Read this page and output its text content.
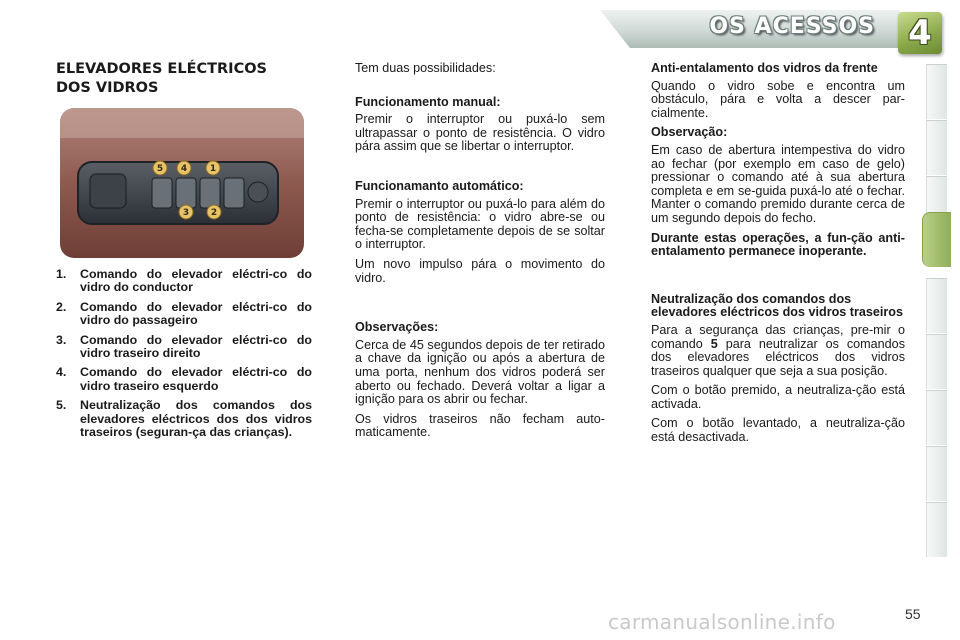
OS ACESSOS 4
ELEVADORES ELÉCTRICOS
DOS VIDROS
5 4	1
3 2
1. Comando do elevador eléctri-co do vidro do conductor
2. Comando do elevador eléctri-co do vidro do passageiro
3. Comando do elevador eléctri-co do vidro traseiro direito
4. Comando do elevador eléctri-co do vidro traseiro esquerdo
5. Neutralização dos comandos dos elevadores eléctricos dos dos vidros traseiros (seguran-ça das crianças).

Tem duas possibilidades:

Funcionamento manual:

Premir o interruptor ou puxá-lo sem ultrapassar o ponto de resistência. O vidro pára assim que se libertar o interruptor.

Funcionamanto automático:

Premir o interruptor ou puxá-lo para além do ponto de resistência: o vidro abre-se ou fecha-se completamente depois de se soltar o interruptor.

Um novo impulso pára o movimento do vidro.

Observações:

Cerca de 45 segundos depois de ter retirado a chave da ignição ou após a abertura de uma porta, nenhum dos vidros poderá ser aberto ou fechado. Deverá voltar a ligar a ignição para os abrir ou fechar.

Os vidros traseiros não fecham auto-maticamente.

Anti-entalamento dos vidros da frente

Quando o vidro sobe e encontra um obstáculo, pára e volta a descer par-cialmente.

Observação:

Em caso de abertura intempestiva do vidro ao fechar (por exemplo em caso de gelo) pressionar o comando até à sua abertura completa e em se-guida puxá-lo até o fechar. Manter o comando premido durante cerca de um segundo depois do fecho.

Durante estas operações, a fun-ção anti-entalamento permanece inoperante.

Neutralização dos comandos dos elevadores eléctricos dos vidros traseiros

Para a segurança das crianças, pre-mir o comando 5 para neutralizar os comandos dos elevadores eléctricos dos vidros traseiros qualquer que seja a sua posição.

Com o botão premido, a neutraliza-ção está activada.

Com o botão levantado, a neutraliza-ção está desactivada.

carmanualsonline.info	55
